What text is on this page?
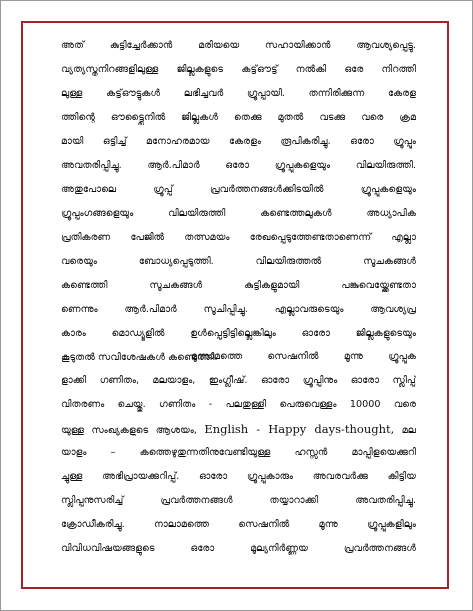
അത് കുട്ടിച്ചേർക്കാൻ മരിയയെ സഹായിക്കാൻ ആവശ്യപ്പെട്ടു.
വ്യത്യസ്തനിറങ്ങളിലുള്ള ജില്ലകളുടെ കട്ട്ഔട്ട് നൽകി ഒരേ നിറത്തി
ലുള്ള കട്ട്ഔട്ടുകൾ ലഭിച്ചവർ ഗ്രൂപ്പായി. തന്നിരിക്കുന്ന കേരള
ത്തിന്റെ ഔട്ട്ലൈനിൽ ജില്ലകൾ തെക്കു മുതൽ വടക്കു വരെ ക്രമ
മായി ഒട്ടിച്ച് മനോഹരമായ കേരളം രൂപികരിച്ചു. ഒരോ ഗ്രൂപ്പും
അവതരിപ്പിച്ചു. ആർ.പിമാർ ഒരോ ഗ്രൂപ്പുകളെയും വിലയിരുത്തി.
അതുപോലെ ഗ്രൂപ്പ് പ്രവർത്തനങ്ങൾക്കിടയിൽ ഗ്രൂപ്പുകളെയും
ഗ്രൂപ്പംഗങ്ങളെയും വിലയിരുത്തി കണ്ടെത്തലുകൾ അധ്യാപിക
പ്രതികരണ പേജിൽ തത്സമയം രേഖപ്പെടുത്തേണ്ടതാണെന്ന് എല്ലാ
വരെയും ബോധ്യപ്പെടുത്തി. വിലയിരുത്തൽ സൂചകങ്ങൾ
കണ്ടെത്തി സൂചകങ്ങൾ കുട്ടികളുമായി പങ്കുവെയ്ക്കേണ്ടതാ
ണെന്നും ആർ.പിമാർ സൂചിപ്പിച്ചു. എല്ലാവരുടെയും ആവശ്യപ്ര
കാരം മൊഡ്യൂളിൽ ഉൾപ്പെട്ടിട്ടില്ലെങ്കിലും ഓരോ ജില്ലകളുടെയും
കൂടുതൽ സവിശേഷകൾ കണ്ടെത്തി.
മൂന്നാമത്തെ സെഷനിൽ മൂന്നു ഗ്രൂപ്പുക
ളാക്കി ഗണിതം, മലയാളം, ഇംഗ്ലീഷ്. ഓരോ ഗ്രൂപ്പിനും ഓരോ സ്ലിപ്പ്
വിതരണം ചെയ്തു. ഗണിതം - പലതുള്ളി പെരുവെള്ളം 10000 വരെ
യുള്ള സംഖ്യകളുടെ ആശയം, English - Happy days-thought, മല
യാളം – കത്തെഴുതുന്നതിനുവേണ്ടിയുള്ള ഹസ്സൻ മാപ്പിളയെക്കുറി
ച്ചുള്ള അഭിപ്രായക്കുറിപ്പ്. ഓരോ ഗ്രൂപ്പുകാരും അവരവർക്കു കിട്ടിയ
സ്ലിപ്പനുസരിച്ച് പ്രവർത്തനങ്ങൾ തയ്യാറാക്കി അവതരിപ്പിച്ചു.
ക്രോഡീകരിച്ചു. നാലാമത്തെ സെഷനിൽ മൂന്നു ഗ്രൂപ്പുകളിലും
വിവിധവിഷയങ്ങളുടെ ഒരോ മൂല്യനിർണ്ണയ പ്രവർത്തനങ്ങൾ
